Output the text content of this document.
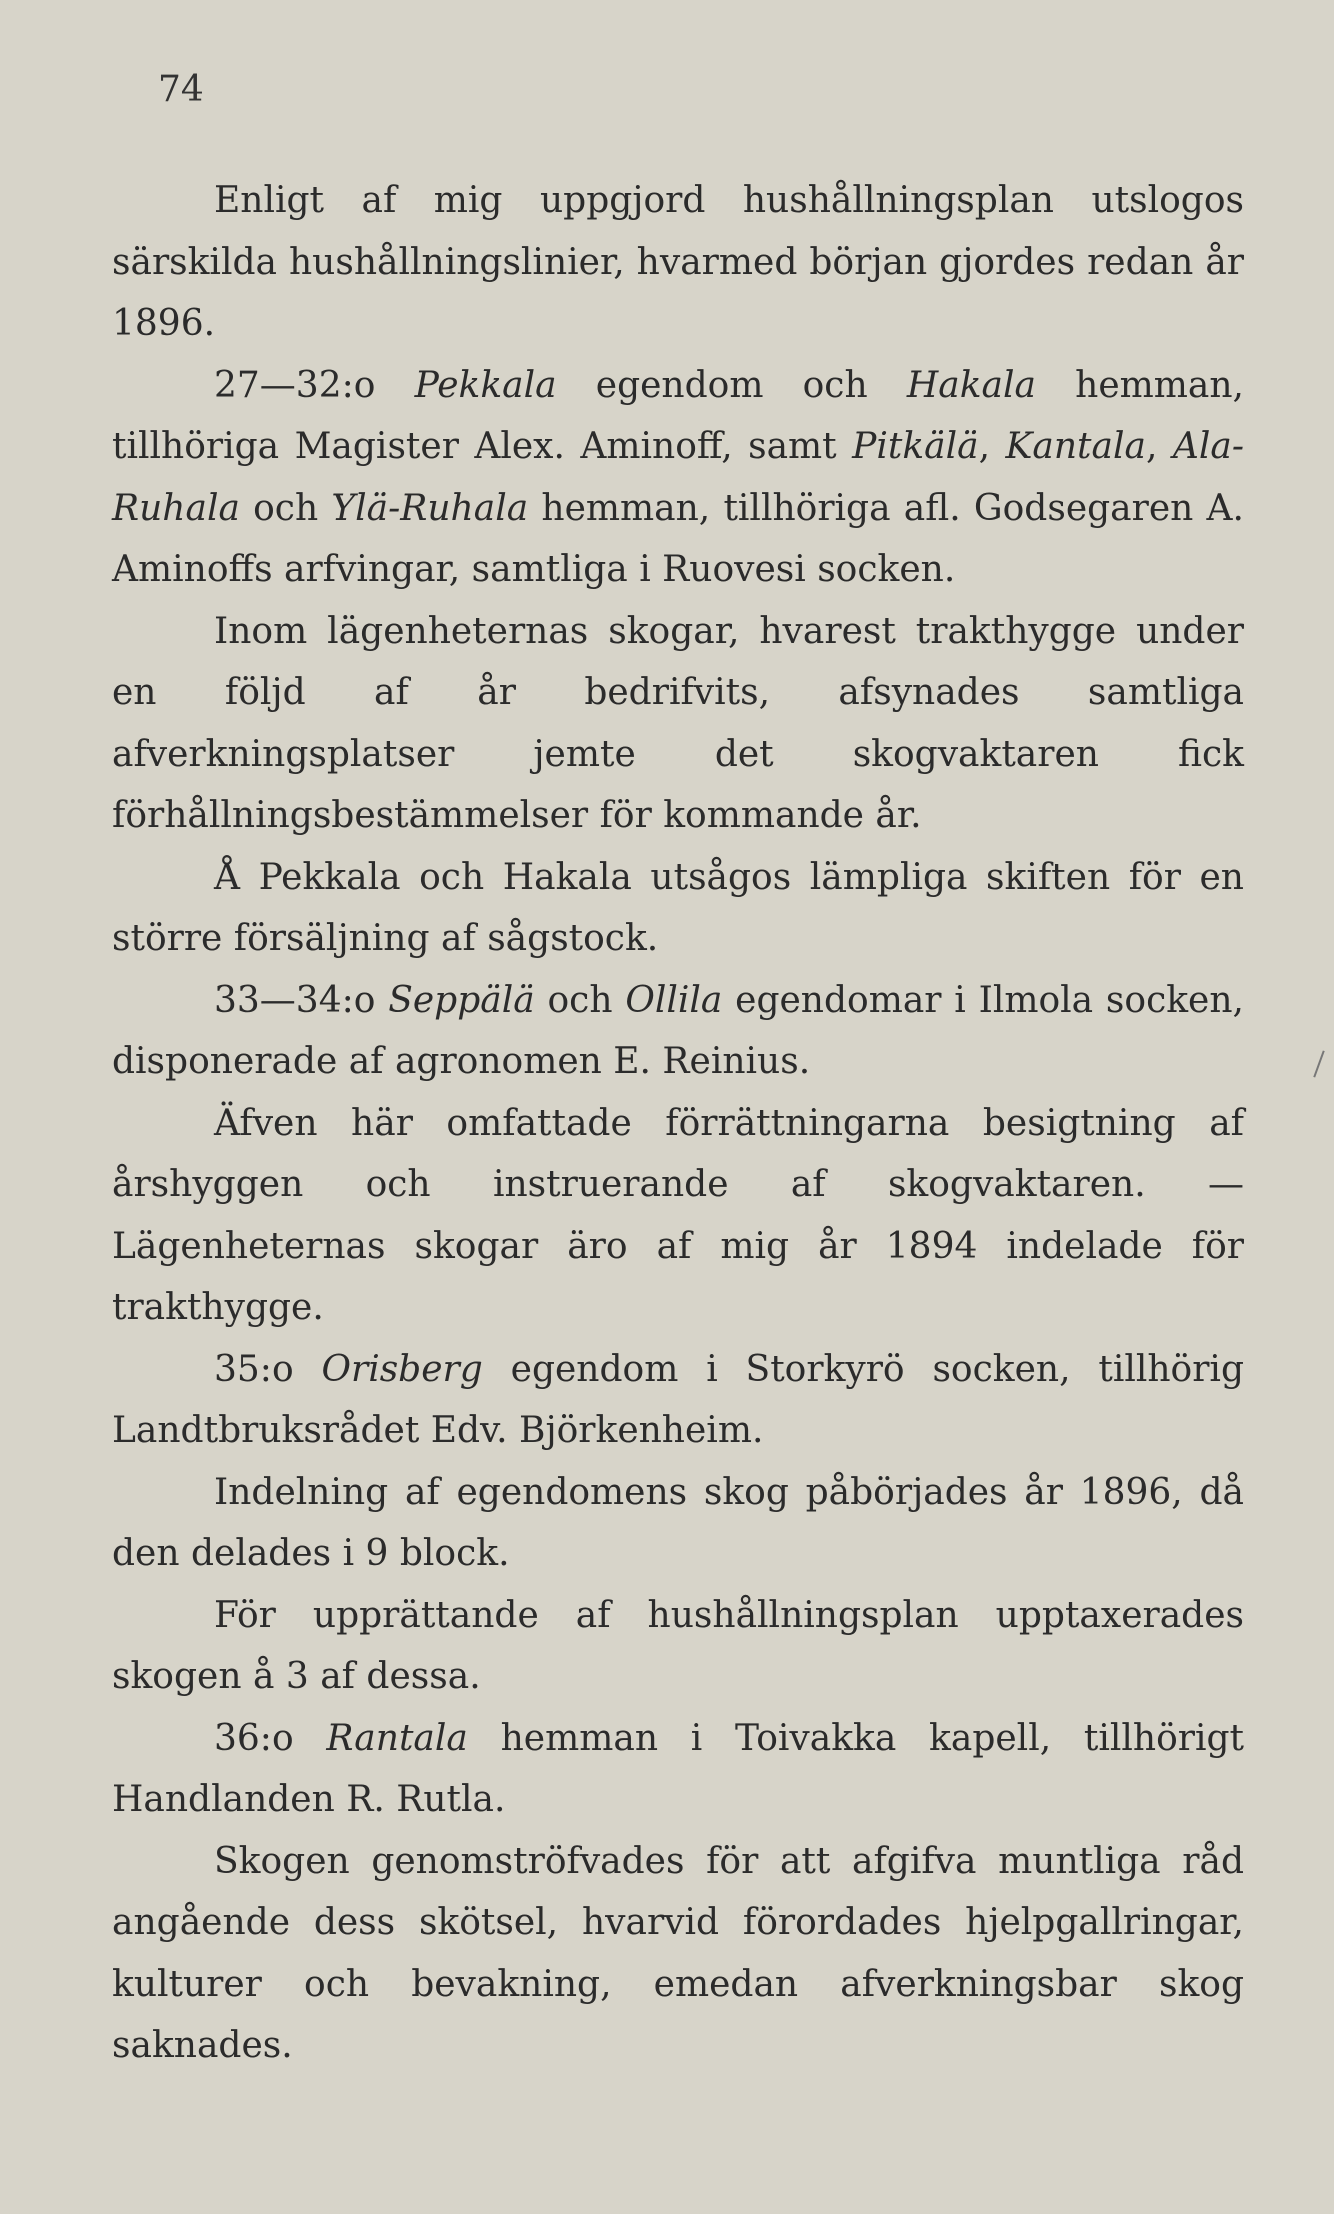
74

Enligt af mig uppgjord hushållningsplan utslogos särskilda hushållningslinier, hvarmed början gjordes redan år 1896.

27—32:o Pekkala egendom och Hakala hemman, tillhöriga Magister Alex. Aminoff, samt Pitkälä, Kantala, Ala-Ruhala och Ylä-Ruhala hemman, tillhöriga afl. Godsegaren A. Aminoffs arfvingar, samtliga i Ruovesi socken.

Inom lägenheternas skogar, hvarest trakthygge under en följd af år bedrifvits, afsynades samtliga afverkningsplatser jemte det skogvaktaren fick förhållningsbestämmelser för kommande år.

Å Pekkala och Hakala utsågos lämpliga skiften för en större försäljning af sågstock.

33—34:o Seppälä och Ollila egendomar i Ilmola socken, disponerade af agronomen E. Reinius.

Äfven här omfattade förrättningarna besigtning af årshyggen och instruerande af skogvaktaren. — Lägenheternas skogar äro af mig år 1894 indelade för trakthygge.

35:o Orisberg egendom i Storkyrö socken, tillhörig Landtbruksrådet Edv. Björkenheim.

Indelning af egendomens skog påbörjades år 1896, då den delades i 9 block.

För upprättande af hushållningsplan upptaxerades skogen å 3 af dessa.

36:o Rantala hemman i Toivakka kapell, tillhörigt Handlanden R. Rutla.

Skogen genomströfvades för att afgifva muntliga råd angående dess skötsel, hvarvid förordades hjelpgallringar, kulturer och bevakning, emedan afverkningsbar skog saknades.
